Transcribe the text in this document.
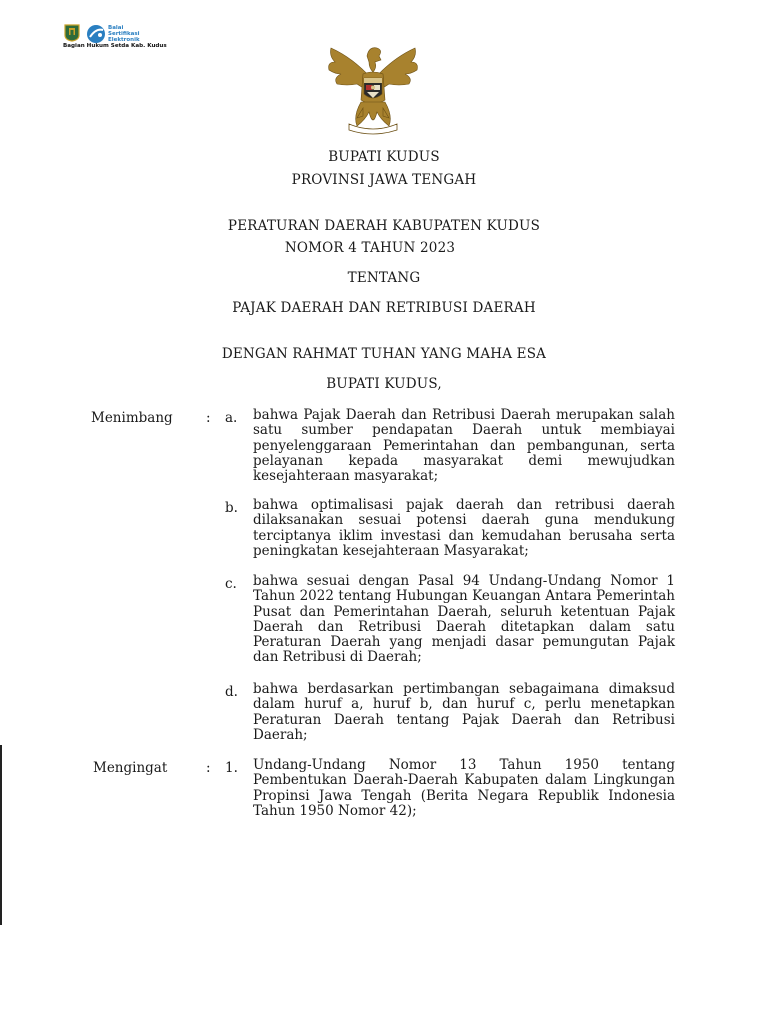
Balai
Sertifikasi
Elektronik
Bagian Hukum Setda Kab. Kudus
BUPATI KUDUS
PROVINSI JAWA TENGAH
PERATURAN DAERAH KABUPATEN KUDUS
NOMOR 4 TAHUN 2023
TENTANG
PAJAK DAERAH DAN RETRIBUSI DAERAH
DENGAN RAHMAT TUHAN YANG MAHA ESA
BUPATI KUDUS,
Menimbang : a. bahwa Pajak Daerah dan Retribusi Daerah merupakan salah satu sumber pendapatan Daerah untuk membiayai penyelenggaraan Pemerintahan dan pembangunan, serta pelayanan kepada masyarakat demi mewujudkan kesejahteraan masyarakat;
b. bahwa optimalisasi pajak daerah dan retribusi daerah dilaksanakan sesuai potensi daerah guna mendukung terciptanya iklim investasi dan kemudahan berusaha serta peningkatan kesejahteraan Masyarakat;
c. bahwa sesuai dengan Pasal 94 Undang-Undang Nomor 1 Tahun 2022 tentang Hubungan Keuangan Antara Pemerintah Pusat dan Pemerintahan Daerah, seluruh ketentuan Pajak Daerah dan Retribusi Daerah ditetapkan dalam satu Peraturan Daerah yang menjadi dasar pemungutan Pajak dan Retribusi di Daerah;
d. bahwa berdasarkan pertimbangan sebagaimana dimaksud dalam huruf a, huruf b, dan huruf c, perlu menetapkan Peraturan Daerah tentang Pajak Daerah dan Retribusi Daerah;
Mengingat	: 1. Undang-Undang Nomor 13 Tahun 1950 tentang Pembentukan Daerah-Daerah Kabupaten dalam Lingkungan Propinsi Jawa Tengah (Berita Negara Republik Indonesia Tahun 1950 Nomor 42);
